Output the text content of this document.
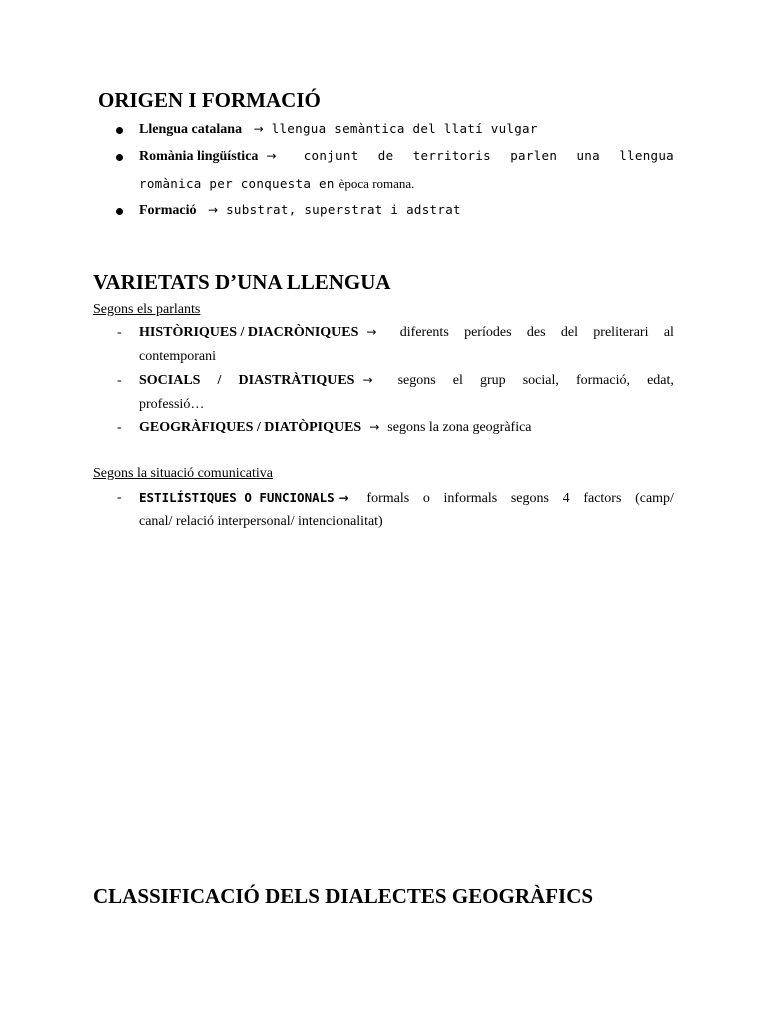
ORIGEN I FORMACIÓ
Llengua catalana → llengua semàntica del llatí vulgar
Romània lingüística →	conjunt de territoris parlen una llengua
romànica per conquesta en època romana.
Formació → substrat, superstrat i adstrat
VARIETATS D’UNA LLENGUA
Segons els parlants
- HISTÒRIQUES / DIACRÒNIQUES →	diferents períodes des del preliterari al
contemporani
- SOCIALS / DIASTRÀTIQUES →	segons el grup social, formació, edat,
professió…
- GEOGRÀFIQUES / DIATÒPIQUES → segons la zona geogràfica
Segons la situació comunicativa
- ESTILÍSTIQUES O FUNCIONALS → formals o informals segons 4 factors (camp/
canal/ relació interpersonal/ intencionalitat)
CLASSIFICACIÓ DELS DIALECTES GEOGRÀFICS
